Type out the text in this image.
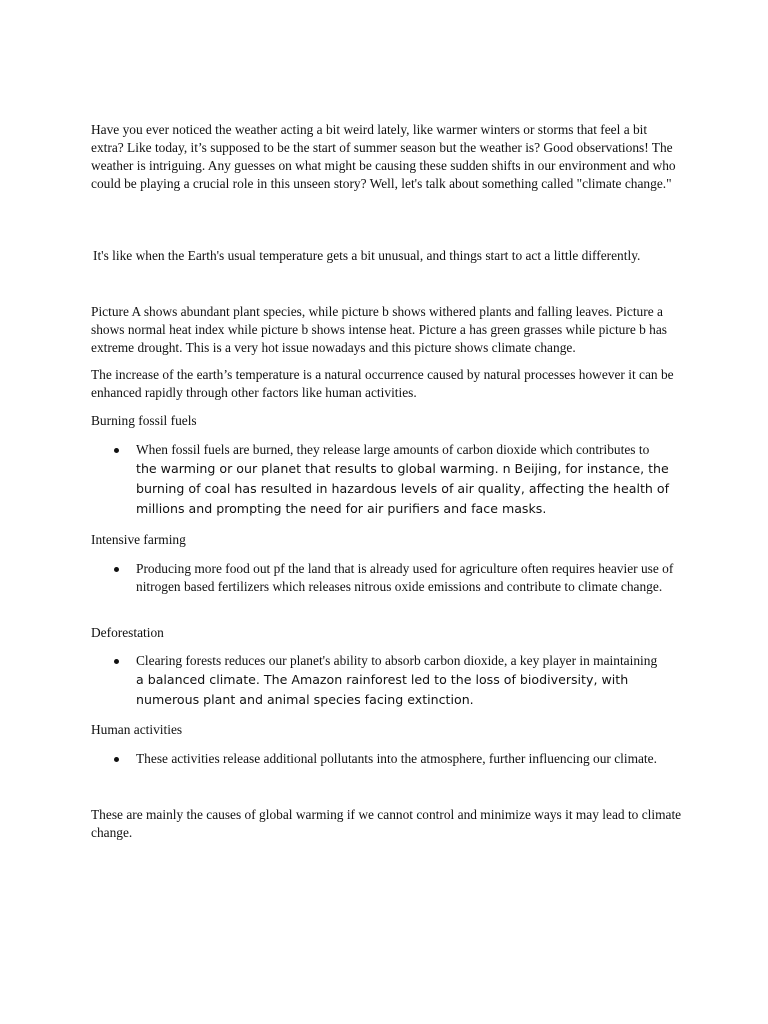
Have you ever noticed the weather acting a bit weird lately, like warmer winters or storms that feel a bit extra? Like today, it’s supposed to be the start of summer season but the weather is? Good observations! The weather is intriguing. Any guesses on what might be causing these sudden shifts in our environment and who could be playing a crucial role in this unseen story? Well, let's talk about something called "climate change."

It's like when the Earth's usual temperature gets a bit unusual, and things start to act a little differently.

Picture A shows abundant plant species, while picture b shows withered plants and falling leaves. Picture a shows normal heat index while picture b shows intense heat. Picture a has green grasses while picture b has extreme drought. This is a very hot issue nowadays and this picture shows climate change.

The increase of the earth’s temperature is a natural occurrence caused by natural processes however it can be enhanced rapidly through other factors like human activities.

Burning fossil fuels

When fossil fuels are burned, they release large amounts of carbon dioxide which contributes to
the warming or our planet that results to global warming. n Beijing, for instance, the burning of coal has resulted in hazardous levels of air quality, affecting the health of millions and prompting the need for air purifiers and face masks.

Intensive farming

Producing more food out pf the land that is already used for agriculture often requires heavier use of nitrogen based fertilizers which releases nitrous oxide emissions and contribute to climate change.

Deforestation

Clearing forests reduces our planet's ability to absorb carbon dioxide, a key player in maintaining
a balanced climate. The Amazon rainforest led to the loss of biodiversity, with numerous plant and animal species facing extinction.

Human activities

These activities release additional pollutants into the atmosphere, further influencing our climate.

These are mainly the causes of global warming if we cannot control and minimize ways it may lead to climate change.
